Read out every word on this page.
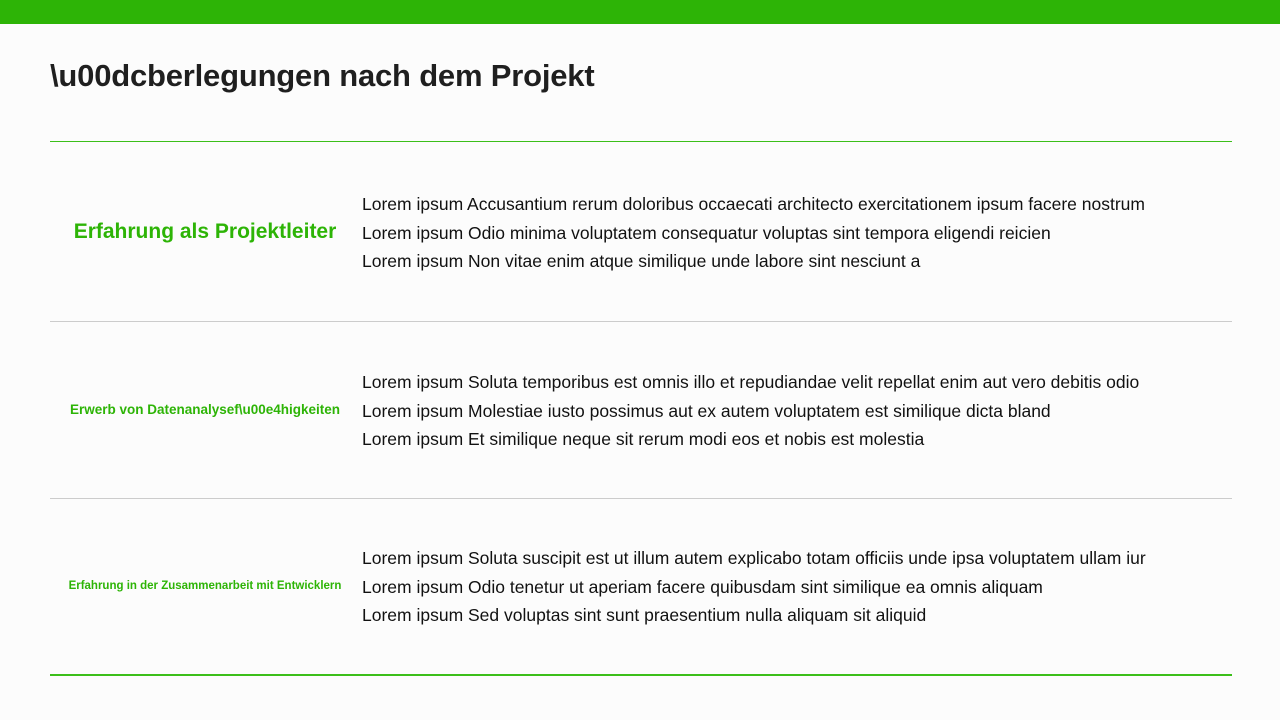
\u00dcberlegungen nach dem Projekt
Erfahrung als Projektleiter
Lorem ipsum Accusantium rerum doloribus occaecati architecto exercitationem ipsum facere nostrum
Lorem ipsum Odio minima voluptatem consequatur voluptas sint tempora eligendi reicien
Lorem ipsum Non vitae enim atque similique unde labore sint nesciunt a
Erwerb von Datenanalysef\u00e4higkeiten
Lorem ipsum Soluta temporibus est omnis illo et repudiandae velit repellat enim aut vero debitis odio
Lorem ipsum Molestiae iusto possimus aut ex autem voluptatem est similique dicta bland
Lorem ipsum Et similique neque sit rerum modi eos et nobis est molestia
Erfahrung in der Zusammenarbeit mit Entwicklern
Lorem ipsum Soluta suscipit est ut illum autem explicabo totam officiis unde ipsa voluptatem ullam iur
Lorem ipsum Odio tenetur ut aperiam facere quibusdam sint similique ea omnis aliquam
Lorem ipsum Sed voluptas sint sunt praesentium nulla aliquam sit aliquid
